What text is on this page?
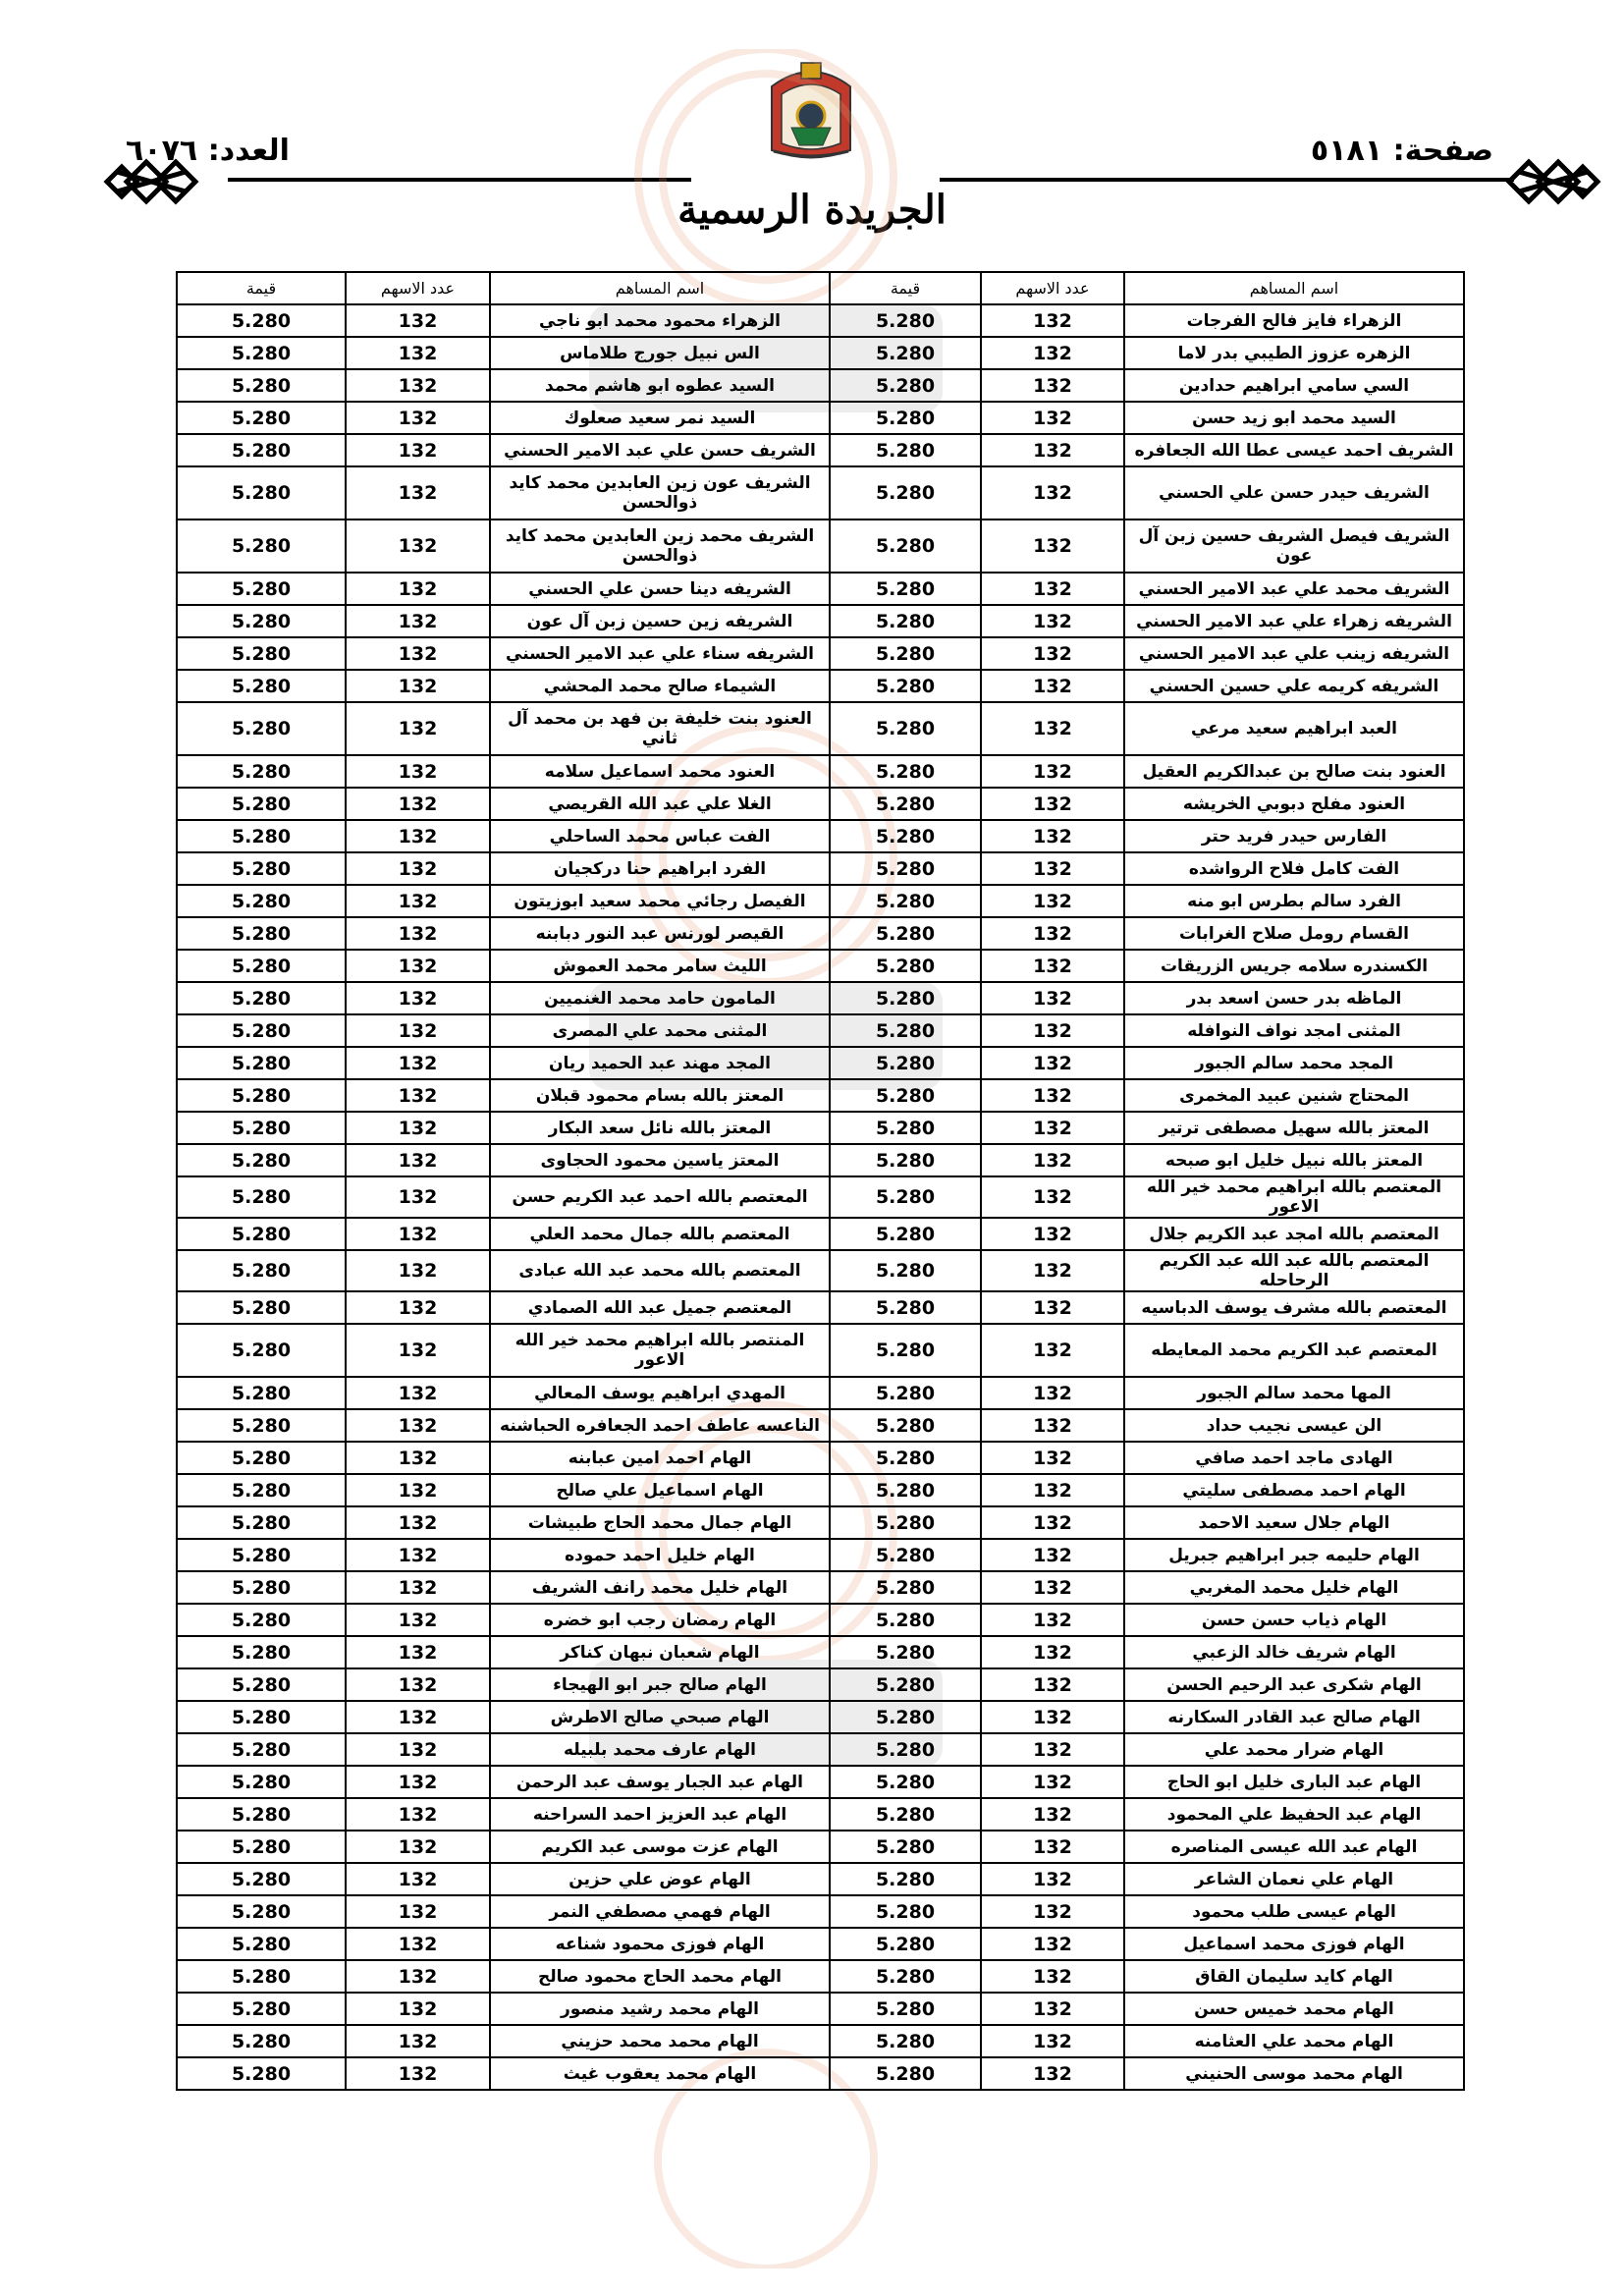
صفحة: ٥١٨١
العدد: ٦٠٧٦
الجريدة الرسمية
اسم المساهم	عدد الاسهم	قيمة	اسم المساهم	عدد الاسهم	قيمة
الزهراء فايز فالح الفرجات	132	5.280	الزهراء محمود محمد ابو ناجي	132	5.280
الزهره عزوز الطيبي بدر لاما	132	5.280	الس نبيل جورج طلاماس	132	5.280
السي سامي ابراهيم حدادين	132	5.280	السيد عطوه ابو هاشم محمد	132	5.280
السيد محمد ابو زيد حسن	132	5.280	السيد نمر سعيد صعلوك	132	5.280
الشريف احمد عيسى عطا الله الجعافره	132	5.280	الشريف حسن علي عبد الامير الحسني	132	5.280
الشريف حيدر حسن علي الحسني	132	5.280	الشريف عون زين العابدين محمد كايد ذوالحسن	132	5.280
الشريف فيصل الشريف حسين زبن آل عون	132	5.280	الشريف محمد زين العابدين محمد كايد ذوالحسن	132	5.280
الشريف محمد علي عبد الامير الحسني	132	5.280	الشريفه دينا حسن علي الحسني	132	5.280
الشريفه زهراء علي عبد الامير الحسني	132	5.280	الشريفه زين حسين زبن آل عون	132	5.280
الشريفه زينب علي عبد الامير الحسني	132	5.280	الشريفه سناء علي عبد الامير الحسني	132	5.280
الشريفه كريمه علي حسين الحسني	132	5.280	الشيماء صالح محمد المحشي	132	5.280
العبد ابراهيم سعيد مرعي	132	5.280	العنود بنت خليفة بن فهد بن محمد آل ثاني	132	5.280
العنود بنت صالح بن عبدالكريم العقيل	132	5.280	العنود محمد اسماعيل سلامه	132	5.280
العنود مفلح دبوبي الخريشه	132	5.280	الغلا علي عبد الله القريصي	132	5.280
الفارس حيدر فريد حتر	132	5.280	الفت عباس محمد الساحلي	132	5.280
الفت كامل فلاح الرواشده	132	5.280	الفرد ابراهيم حنا دركجيان	132	5.280
الفرد سالم بطرس ابو منه	132	5.280	الفيصل رجائي محمد سعيد ابوزيتون	132	5.280
القسام رومل صلاح الغرابات	132	5.280	القيصر لورنس عبد النور دبابنه	132	5.280
الكسندره سلامه جريس الزريقات	132	5.280	الليث سامر محمد العموش	132	5.280
الماظه بدر حسن اسعد بدر	132	5.280	المامون حامد محمد الغنميين	132	5.280
المثنى امجد نواف النوافله	132	5.280	المثنى محمد علي المصرى	132	5.280
المجد محمد سالم الجبور	132	5.280	المجد مهند عبد الحميد ريان	132	5.280
المحتاج شنين عبيد المخمرى	132	5.280	المعتز بالله بسام محمود قبلان	132	5.280
المعتز بالله سهيل مصطفى ترتير	132	5.280	المعتز بالله نائل سعد البكار	132	5.280
المعتز بالله نبيل خليل ابو صبحه	132	5.280	المعتز ياسين محمود الحجاوى	132	5.280
المعتصم بالله ابراهيم محمد خير الله الاعور	132	5.280	المعتصم بالله احمد عبد الكريم حسن	132	5.280
المعتصم بالله امجد عبد الكريم جلال	132	5.280	المعتصم بالله جمال محمد العلي	132	5.280
المعتصم بالله عبد الله عبد الكريم الرحاحله	132	5.280	المعتصم بالله محمد عبد الله عبادى	132	5.280
المعتصم بالله مشرف يوسف الدباسيه	132	5.280	المعتصم جميل عبد الله الصمادي	132	5.280
المعتصم عبد الكريم محمد المعايطه	132	5.280	المنتصر بالله ابراهيم محمد خير الله الاعور	132	5.280
المها محمد سالم الجبور	132	5.280	المهدي ابراهيم يوسف المعالي	132	5.280
الن عيسى نجيب حداد	132	5.280	الناعسه عاطف احمد الجعافره الحباشنه	132	5.280
الهادى ماجد احمد صافي	132	5.280	الهام احمد امين عبابنه	132	5.280
الهام احمد مصطفى سليتي	132	5.280	الهام اسماعيل علي صالح	132	5.280
الهام جلال سعيد الاحمد	132	5.280	الهام جمال محمد الحاج طبيشات	132	5.280
الهام حليمه جبر ابراهيم جبريل	132	5.280	الهام خليل احمد حموده	132	5.280
الهام خليل محمد المغربي	132	5.280	الهام خليل محمد رانف الشريف	132	5.280
الهام ذياب حسن حسن	132	5.280	الهام رمضان رجب ابو خضره	132	5.280
الهام شريف خالد الزعبي	132	5.280	الهام شعبان نبهان كناكر	132	5.280
الهام شكرى عبد الرحيم الحسن	132	5.280	الهام صالح جبر ابو الهيجاء	132	5.280
الهام صالح عبد القادر السكارنه	132	5.280	الهام صبحي صالح الاطرش	132	5.280
الهام ضرار محمد علي	132	5.280	الهام عارف محمد بلبيله	132	5.280
الهام عبد البارى خليل ابو الحاج	132	5.280	الهام عبد الجبار يوسف عبد الرحمن	132	5.280
الهام عبد الحفيظ علي المحمود	132	5.280	الهام عبد العزيز احمد السراحنه	132	5.280
الهام عبد الله عيسى المناصره	132	5.280	الهام عزت موسى عبد الكريم	132	5.280
الهام علي نعمان الشاعر	132	5.280	الهام عوض علي حزين	132	5.280
الهام عيسى طلب محمود	132	5.280	الهام فهمي مصطفي النمر	132	5.280
الهام فوزى محمد اسماعيل	132	5.280	الهام فوزى محمود شناعه	132	5.280
الهام كايد سليمان القاق	132	5.280	الهام محمد الحاج محمود صالح	132	5.280
الهام محمد خميس حسن	132	5.280	الهام محمد رشيد منصور	132	5.280
الهام محمد علي العثامنه	132	5.280	الهام محمد محمد حزيني	132	5.280
الهام محمد موسى الحنيني	132	5.280	الهام محمد يعقوب غيث	132	5.280
